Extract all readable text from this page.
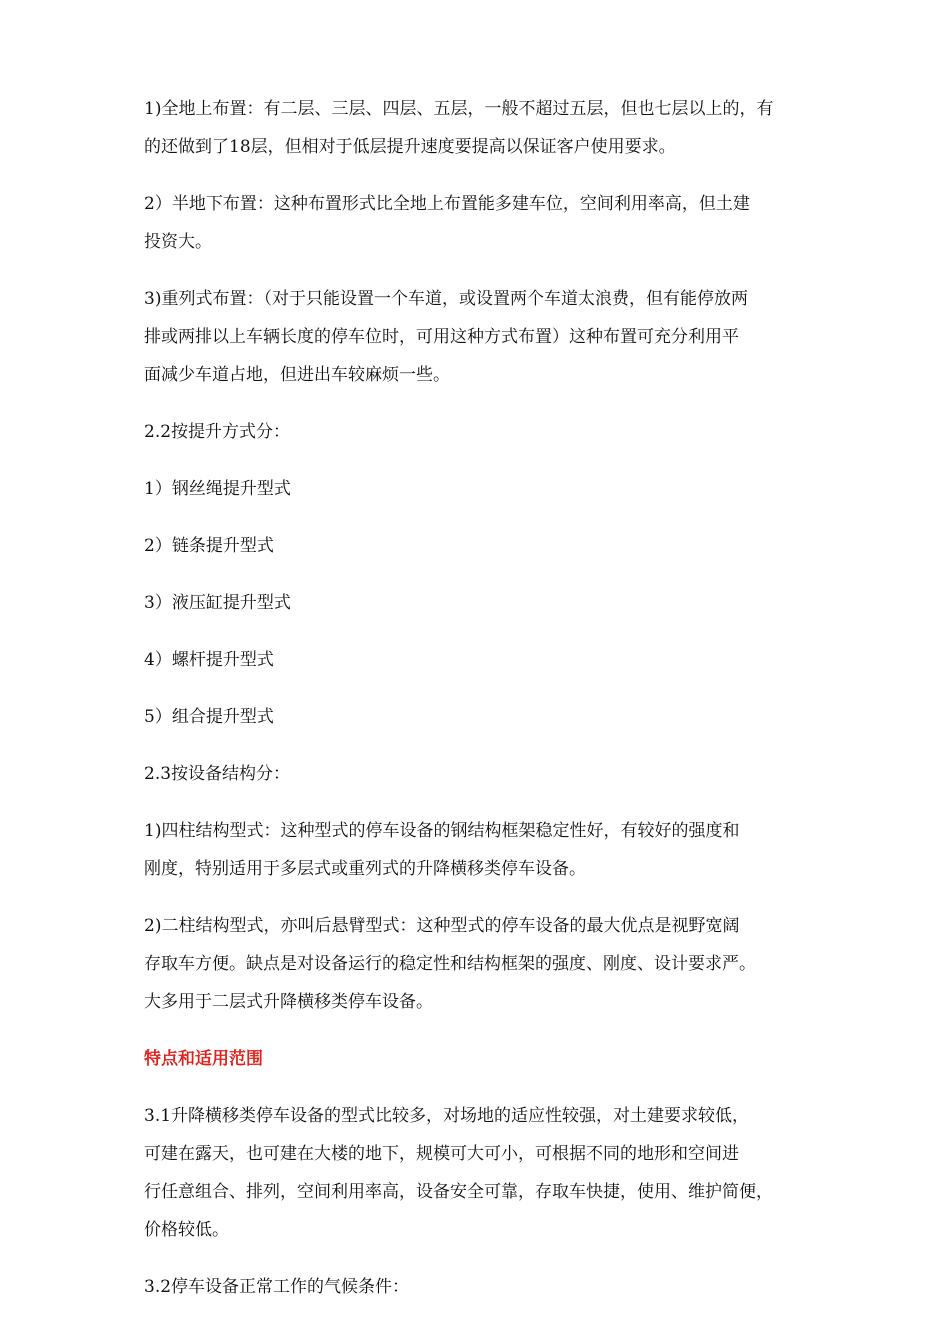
1)全地上布置：有二层、三层、四层、五层，一般不超过五层，但也七层以上的，有
的还做到了18层，但相对于低层提升速度要提高以保证客户使用要求。
2）半地下布置：这种布置形式比全地上布置能多建车位，空间利用率高，但土建
投资大。
3)重列式布置：（对于只能设置一个车道，或设置两个车道太浪费，但有能停放两
排或两排以上车辆长度的停车位时，可用这种方式布置）这种布置可充分利用平
面减少车道占地，但进出车较麻烦一些。
2.2按提升方式分：
1）钢丝绳提升型式
2）链条提升型式
3）液压缸提升型式
4）螺杆提升型式
5）组合提升型式
2.3按设备结构分：
1)四柱结构型式：这种型式的停车设备的钢结构框架稳定性好，有较好的强度和
刚度，特别适用于多层式或重列式的升降横移类停车设备。
2)二柱结构型式，亦叫后悬臂型式：这种型式的停车设备的最大优点是视野宽阔
存取车方便。缺点是对设备运行的稳定性和结构框架的强度、刚度、设计要求严。
大多用于二层式升降横移类停车设备。
特点和适用范围
3.1升降横移类停车设备的型式比较多，对场地的适应性较强，对土建要求较低，
可建在露天，也可建在大楼的地下，规模可大可小，可根据不同的地形和空间进
行任意组合、排列，空间利用率高，设备安全可靠，存取车快捷，使用、维护简便，
价格较低。
3.2停车设备正常工作的气候条件：
